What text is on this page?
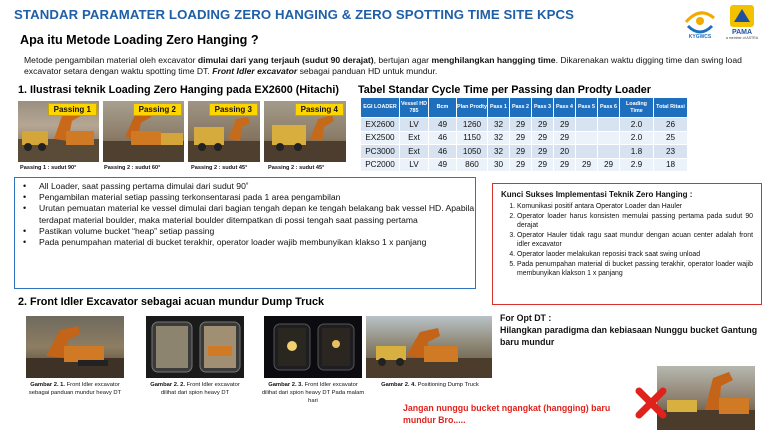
STANDAR PARAMATER LOADING ZERO HANGING & ZERO SPOTTING TIME SITE KPCS
Apa itu Metode Loading Zero Hanging ?	KYGWCS
PAMA
a member of ASTRA
Metode pengambilan material oleh excavator dimulai dari yang terjauh (sudut 90 derajat), bertujan agar menghilangkan hangging time. Dikarenakan waktu digging time dan swing load excavator setara dengan waktu spotting time DT. Front Idler excavator sebagai panduan HD untuk mundur.
1. Ilustrasi teknik Loading Zero Hanging pada EX2600 (Hitachi)
Passing 1	Passing 2	Passing 3	Passing 4
Passing 1 : sudut 90°	Passing 2 : sudut 60°	Passing 2 : sudut 45°	Passing 2 : sudut 45°
Tabel Standar Cycle Time per Passing dan Prodty Loader
EGI LOADER	Vessel HD 785	Bcm	Plan Prodty	Pass 1	Pass 2	Pass 3	Pass 4	Pass 5	Pass 6	Loading Time	Total Ritasi
EX2600	LV	49	1260	32	29	29	29			2.0	26
EX2500	Ext	46	1150	32	29	29	29			2.0	25
PC3000	Ext	46	1050	32	29	29	20			1.8	23
PC2000	LV	49	860	30	29	29	29	29	29	2.9	18
• All Loader, saat passing pertama dimulai dari sudut 90˚
• Pengambilan material setiap passing terkonsentarasi pada 1 area pengambilan
• Urutan pemuatan material ke vessel dimulai dari bagian tengah depan ke tengah belakang bak vessel HD. Apabila terdapat material boulder, maka material boulder ditempatkan di possi tengah saat passing pertama
• Pastikan volume bucket “heap” setiap passing
• Pada penumpahan material di bucket terakhir, operator loader wajib membunyikan klakso 1 x panjang
Kunci Sukses Implementasi Teknik Zero Hanging :
1. Komunikasi positif antara Operator Loader dan Hauler
2. Operator loader harus konsisten memulai passing pertama pada sudut 90 derajat
3. Operator Hauler tidak ragu saat mundur dengan acuan center adalah front idler excavator
4. Operator laoder melakukan reposisi track saat swing unload
5. Pada penumpahan material di bucket passing terakhir, operator loader wajib membunyikan klakson 1 x panjang
2. Front Idler Excavator sebagai acuan mundur Dump Truck
Gambar 2. 1. Front Idler excavator sebagai panduan mundur heavy DT
Gambar 2. 2. Front Idler excavator dilihat dari spion heavy DT
Gambar 2. 3. Front Idler excavator dilihat dari spion heavy DT Pada malam hari
Gambar 2. 4. Positioning Dump Truck
For Opt DT :
Hilangkan paradigma dan kebiasaan Nunggu bucket Gantung baru mundur
Jangan nunggu bucket ngangkat (hangging) baru mundur Bro.....
